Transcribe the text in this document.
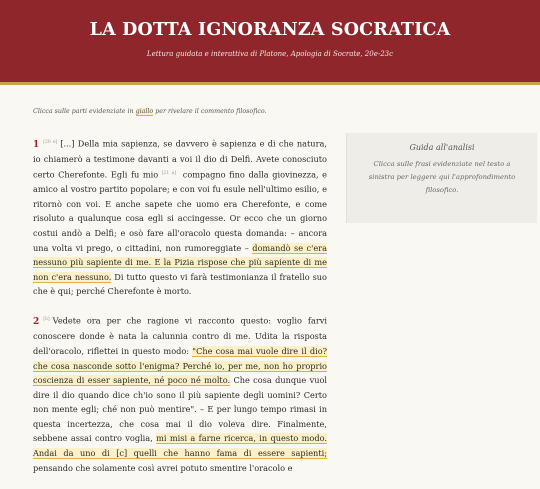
LA DOTTA IGNORANZA SOCRATICA
Lettura guidata e interattiva di Platone, Apologia di Socrate, 20e-23c
Clicca sulle parti evidenziate in giallo per rivelare il commento filosofico.
1 [20 e] [...] Della mia sapienza, se davvero è sapienza e di che natura, io chiamerò a testimone davanti a voi il dio di Delfi. Avete conosciuto certo Cherefonte. Egli fu mio [21 a] compagno fino dalla giovinezza, e amico al vostro partito popolare; e con voi fu esule nell'ultimo esilio, e ritornò con voi. E anche sapete che uomo era Cherefonte, e come risoluto a qualunque cosa egli si accingesse. Or ecco che un giorno costui andò a Delfi; e osò fare all'oracolo questa domanda: – ancora una volta vi prego, o cittadini, non rumoreggiate – domandò se c'era nessuno più sapiente di me. E la Pizia rispose che più sapiente di me non c'era nessuno. Di tutto questo vi farà testimonianza il fratello suo che è qui; perché Cherefonte è morto.
2 [b] Vedete ora per che ragione vi racconto questo: voglio farvi conoscere donde è nata la calunnia contro di me. Udita la risposta dell'oracolo, riflettei in questo modo: "Che cosa mai vuole dire il dio? che cosa nasconde sotto l'enigma? Perché io, per me, non ho proprio coscienza di esser sapiente, né poco né molto. Che cosa dunque vuol dire il dio quando dice ch'io sono il più sapiente degli uomini? Certo non mente egli; ché non può mentire". – E per lungo tempo rimasi in questa incertezza, che cosa mai il dio voleva dire. Finalmente, sebbene assai contro voglia, mi misi a farne ricerca, in questo modo. Andai da uno di [c] quelli che hanno fama di essere sapienti; pensando che solamente così avrei potuto smentire l'oracolo e
Guida all'analisi
Clicca sulle frasi evidenziate nel testo a sinistra per leggere qui l'approfondimento filosofico.
